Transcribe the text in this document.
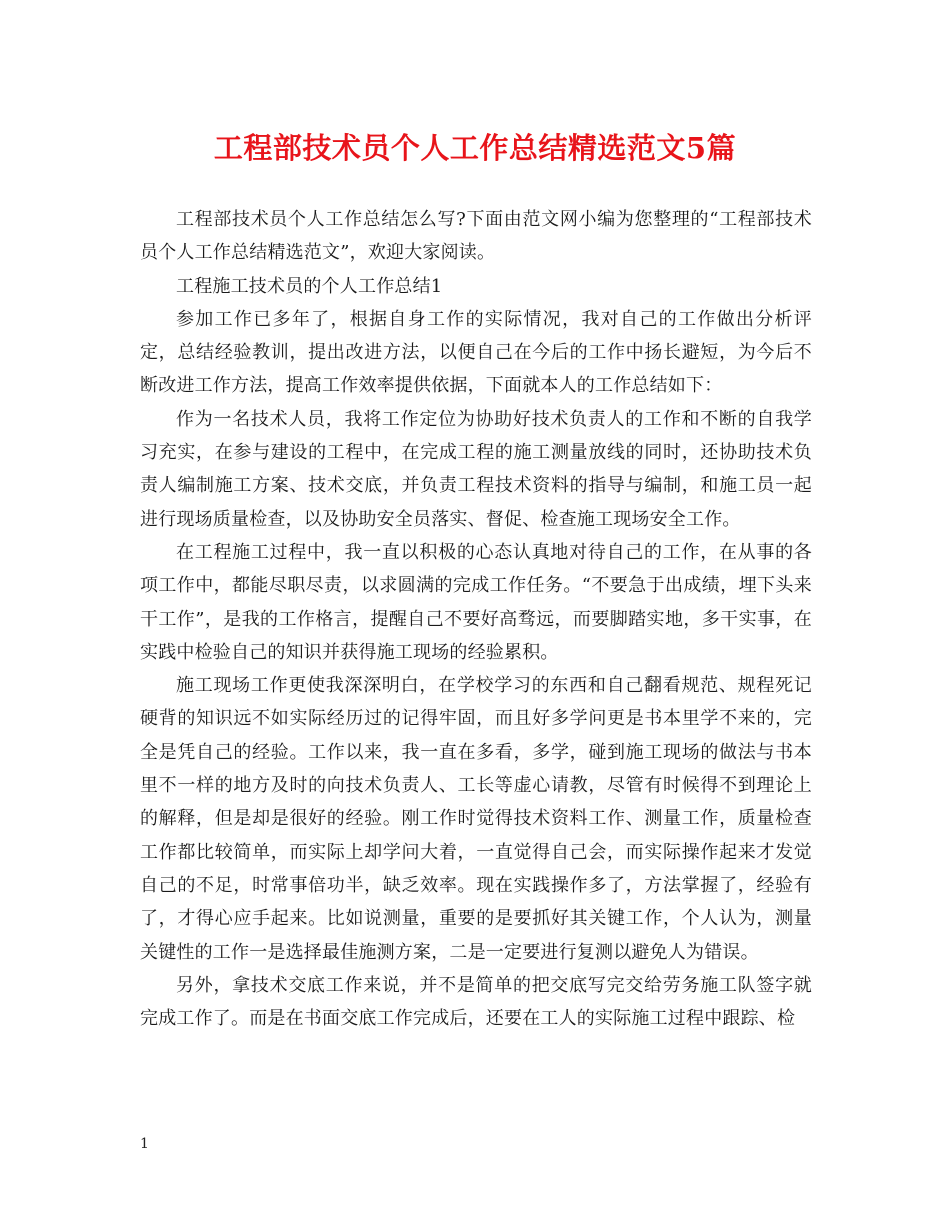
工程部技术员个人工作总结精选范文5篇

工程部技术员个人工作总结怎么写?下面由范文网小编为您整理的“工程部技术员个人工作总结精选范文”，欢迎大家阅读。

工程施工技术员的个人工作总结1

参加工作已多年了，根据自身工作的实际情况，我对自己的工作做出分析评定，总结经验教训，提出改进方法，以便自己在今后的工作中扬长避短，为今后不断改进工作方法，提高工作效率提供依据，下面就本人的工作总结如下：

作为一名技术人员，我将工作定位为协助好技术负责人的工作和不断的自我学习充实，在参与建设的工程中，在完成工程的施工测量放线的同时，还协助技术负责人编制施工方案、技术交底，并负责工程技术资料的指导与编制，和施工员一起进行现场质量检查，以及协助安全员落实、督促、检查施工现场安全工作。

在工程施工过程中，我一直以积极的心态认真地对待自己的工作，在从事的各项工作中，都能尽职尽责，以求圆满的完成工作任务。“不要急于出成绩，埋下头来干工作”，是我的工作格言，提醒自己不要好高骛远，而要脚踏实地，多干实事，在实践中检验自己的知识并获得施工现场的经验累积。

施工现场工作更使我深深明白，在学校学习的东西和自己翻看规范、规程死记硬背的知识远不如实际经历过的记得牢固，而且好多学问更是书本里学不来的，完全是凭自己的经验。工作以来，我一直在多看，多学，碰到施工现场的做法与书本里不一样的地方及时的向技术负责人、工长等虚心请教，尽管有时候得不到理论上的解释，但是却是很好的经验。刚工作时觉得技术资料工作、测量工作，质量检查工作都比较简单，而实际上却学问大着，一直觉得自己会，而实际操作起来才发觉自己的不足，时常事倍功半，缺乏效率。现在实践操作多了，方法掌握了，经验有了，才得心应手起来。比如说测量，重要的是要抓好其关键工作，个人认为，测量关键性的工作一是选择最佳施测方案，二是一定要进行复测以避免人为错误。

另外，拿技术交底工作来说，并不是简单的把交底写完交给劳务施工队签字就完成工作了。而是在书面交底工作完成后，还要在工人的实际施工过程中跟踪、检

1
